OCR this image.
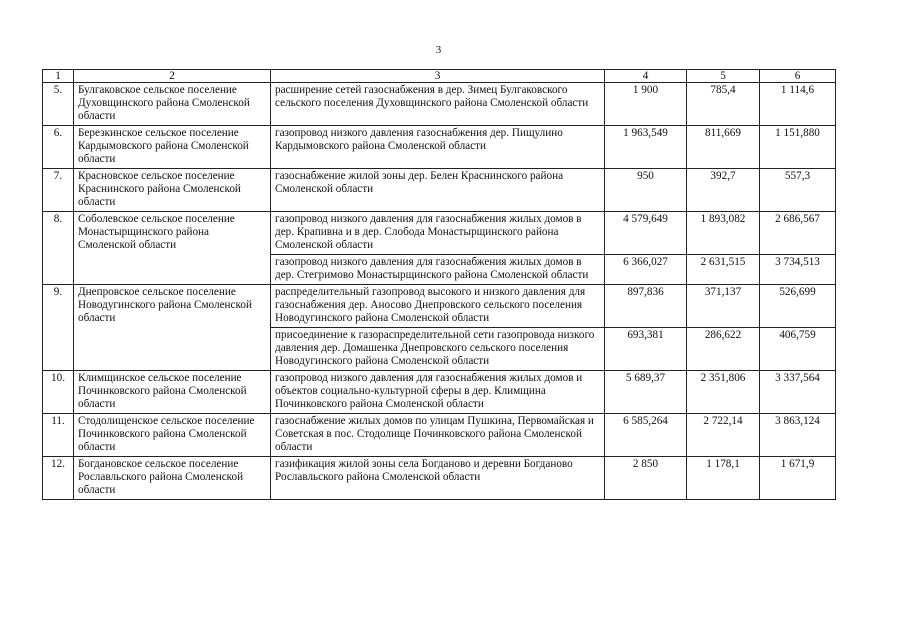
3
1	2	3	4	5	6
5.	Булгаковское сельское поселение Духовщинского района Смоленской области	расширение сетей газоснабжения в дер. Зимец Булгаковского сельского поселения Духовщинского района Смоленской области	1 900	785,4	1 114,6
6.	Березкинское сельское поселение Кардымовского района Смоленской области	газопровод низкого давления газоснабжения дер. Пищулино Кардымовского района Смоленской области	1 963,549	811,669	1 151,880
7.	Красновское сельское поселение Краснинского района Смоленской области	газоснабжение жилой зоны дер. Белен Краснинского района Смоленской области	950	392,7	557,3
8.	Соболевское сельское поселение Монастырщинского района Смоленской области	газопровод низкого давления для газоснабжения жилых домов в дер. Крапивна и в дер. Слобода Монастырщинского района Смоленской области	4 579,649	1 893,082	2 686,567
		газопровод низкого давления для газоснабжения жилых домов в дер. Стегримово Монастырщинского района Смоленской области	6 366,027	2 631,515	3 734,513
9.	Днепровское сельское поселение Новодугинского района Смоленской области	распределительный газопровод высокого и низкого давления для газоснабжения дер. Аносово Днепровского сельского поселения Новодугинского района Смоленской области	897,836	371,137	526,699
		присоединение к газораспределительной сети газопровода низкого давления дер. Домашенка Днепровского сельского поселения Новодугинского района Смоленской области	693,381	286,622	406,759
10.	Климщинское сельское поселение Починковского района Смоленской области	газопровод низкого давления для газоснабжения жилых домов и объектов социально-культурной сферы в дер. Климщина Починковского района Смоленской области	5 689,37	2 351,806	3 337,564
11.	Стодолищенское сельское поселение Починковского района Смоленской области	газоснабжение жилых домов по улицам Пушкина, Первомайская и Советская в пос. Стодолище Починковского района Смоленской области	6 585,264	2 722,14	3 863,124
12.	Богдановское сельское поселение Рославльского района Смоленской области	газификация жилой зоны села Богданово и деревни Богданово Рославльского района Смоленской области	2 850	1 178,1	1 671,9
